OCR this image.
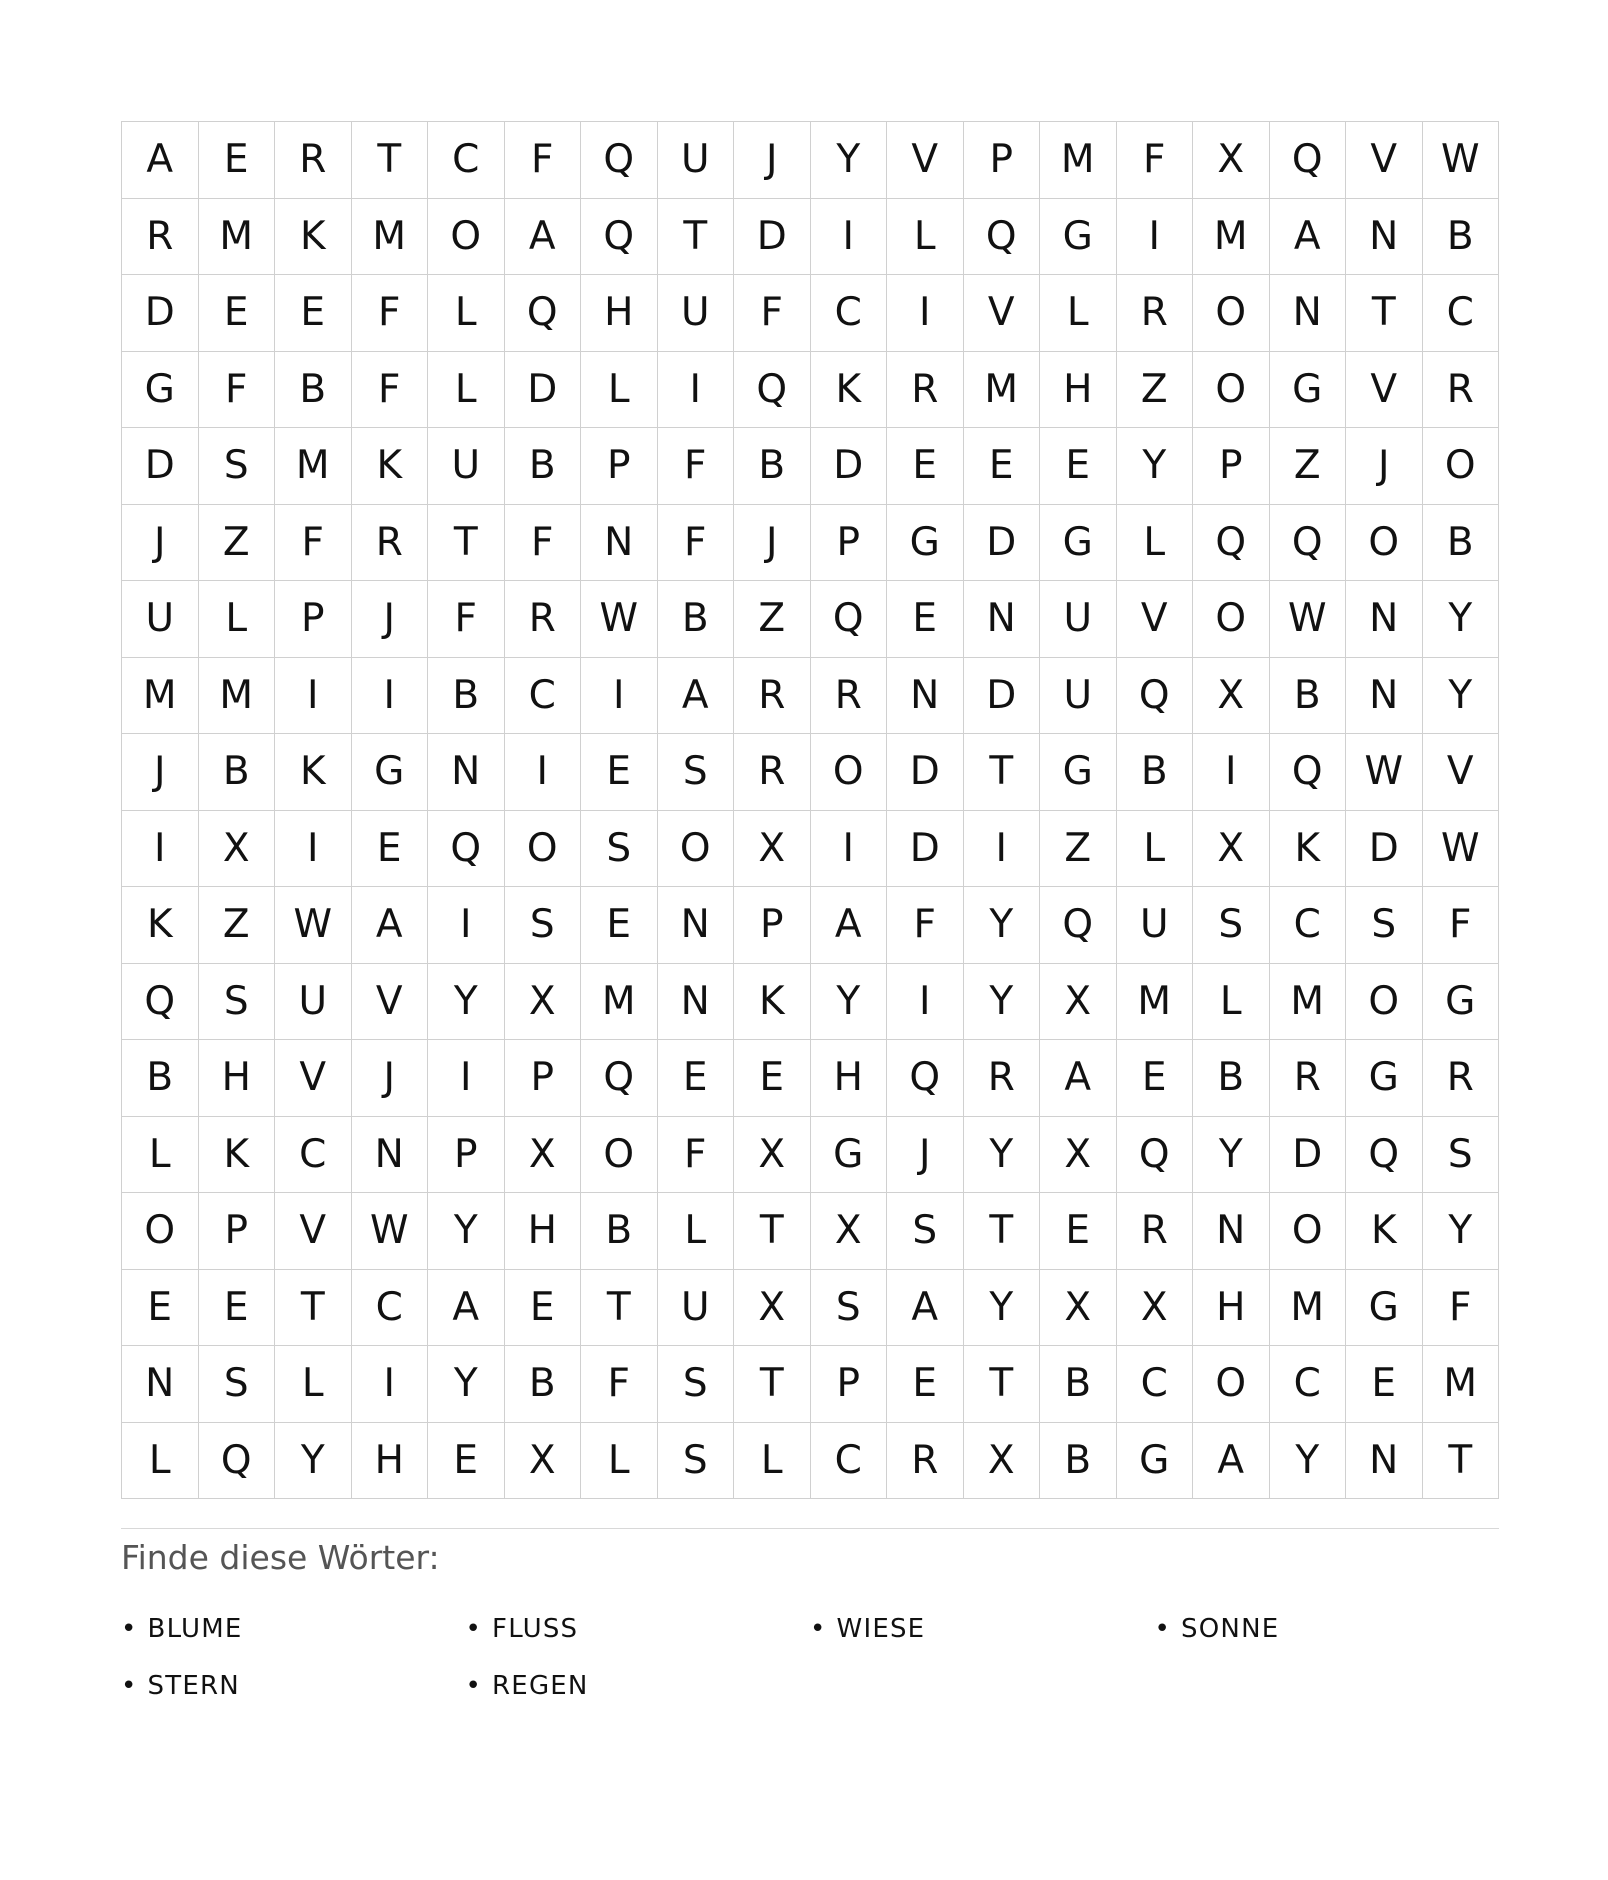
A	E	R	T	C	F	Q	U	J	Y	V	P	M	F	X	Q	V	W
R	M	K	M	O	A	Q	T	D	I	L	Q	G	I	M	A	N	B
D	E	E	F	L	Q	H	U	F	C	I	V	L	R	O	N	T	C
G	F	B	F	L	D	L	I	Q	K	R	M	H	Z	O	G	V	R
D	S	M	K	U	B	P	F	B	D	E	E	E	Y	P	Z	J	O
J	Z	F	R	T	F	N	F	J	P	G	D	G	L	Q	Q	O	B
U	L	P	J	F	R	W	B	Z	Q	E	N	U	V	O	W	N	Y
M	M	I	I	B	C	I	A	R	R	N	D	U	Q	X	B	N	Y
J	B	K	G	N	I	E	S	R	O	D	T	G	B	I	Q	W	V
I	X	I	E	Q	O	S	O	X	I	D	I	Z	L	X	K	D	W
K	Z	W	A	I	S	E	N	P	A	F	Y	Q	U	S	C	S	F
Q	S	U	V	Y	X	M	N	K	Y	I	Y	X	M	L	M	O	G
B	H	V	J	I	P	Q	E	E	H	Q	R	A	E	B	R	G	R
L	K	C	N	P	X	O	F	X	G	J	Y	X	Q	Y	D	Q	S
O	P	V	W	Y	H	B	L	T	X	S	T	E	R	N	O	K	Y
E	E	T	C	A	E	T	U	X	S	A	Y	X	X	H	M	G	F
N	S	L	I	Y	B	F	S	T	P	E	T	B	C	O	C	E	M
L	Q	Y	H	E	X	L	S	L	C	R	X	B	G	A	Y	N	T
Finde diese Wörter:
• BLUME	• FLUSS	• WIESE	• SONNE
• STERN	• REGEN
